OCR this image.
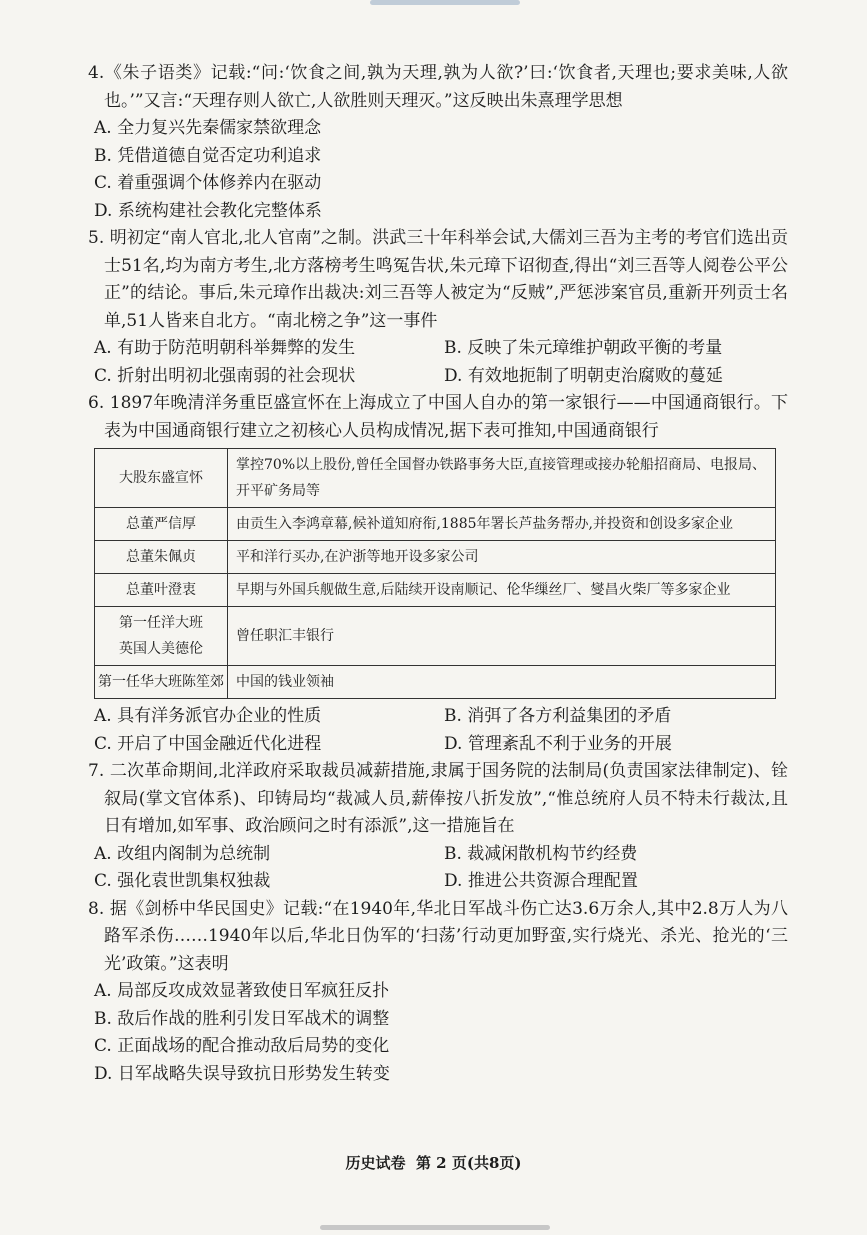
4.《朱子语类》记载:“问:‘饮食之间,孰为天理,孰为人欲?’曰:‘饮食者,天理也;要求美味,人欲也。’”又言:“天理存则人欲亡,人欲胜则天理灭。”这反映出朱熹理学思想
A. 全力复兴先秦儒家禁欲理念
B. 凭借道德自觉否定功利追求
C. 着重强调个体修养内在驱动
D. 系统构建社会教化完整体系
5. 明初定“南人官北,北人官南”之制。洪武三十年科举会试,大儒刘三吾为主考的考官们选出贡士51名,均为南方考生,北方落榜考生鸣冤告状,朱元璋下诏彻查,得出“刘三吾等人阅卷公平公正”的结论。事后,朱元璋作出裁决:刘三吾等人被定为“反贼”,严惩涉案官员,重新开列贡士名单,51人皆来自北方。“南北榜之争”这一事件
A. 有助于防范明朝科举舞弊的发生	B. 反映了朱元璋维护朝政平衡的考量
C. 折射出明初北强南弱的社会现状	D. 有效地扼制了明朝吏治腐败的蔓延
6. 1897年晚清洋务重臣盛宣怀在上海成立了中国人自办的第一家银行——中国通商银行。下表为中国通商银行建立之初核心人员构成情况,据下表可推知,中国通商银行
大股东盛宣怀	掌控70%以上股份,曾任全国督办铁路事务大臣,直接管理或接办轮船招商局、电报局、开平矿务局等
总董严信厚	由贡生入李鸿章幕,候补道知府衔,1885年署长芦盐务帮办,并投资和创设多家企业
总董朱佩贞	平和洋行买办,在沪浙等地开设多家公司
总董叶澄衷	早期与外国兵舰做生意,后陆续开设南顺记、伦华缫丝厂、燮昌火柴厂等多家企业
第一任洋大班
英国人美德伦	曾任职汇丰银行
第一任华大班陈笙郊	中国的钱业领袖
A. 具有洋务派官办企业的性质	B. 消弭了各方利益集团的矛盾
C. 开启了中国金融近代化进程	D. 管理紊乱不利于业务的开展
7. 二次革命期间,北洋政府采取裁员减薪措施,隶属于国务院的法制局(负责国家法律制定)、铨叙局(掌文官体系)、印铸局均“裁减人员,薪俸按八折发放”,“惟总统府人员不特未行裁汰,且日有增加,如军事、政治顾问之时有添派”,这一措施旨在
A. 改组内阁制为总统制	B. 裁减闲散机构节约经费
C. 强化袁世凯集权独裁	D. 推进公共资源合理配置
8. 据《剑桥中华民国史》记载:“在1940年,华北日军战斗伤亡达3.6万余人,其中2.8万人为八路军杀伤……1940年以后,华北日伪军的‘扫荡’行动更加野蛮,实行烧光、杀光、抢光的‘三光’政策。”这表明
A. 局部反攻成效显著致使日军疯狂反扑
B. 敌后作战的胜利引发日军战术的调整
C. 正面战场的配合推动敌后局势的变化
D. 日军战略失误导致抗日形势发生转变
历史试卷  第 2 页(共8页)
